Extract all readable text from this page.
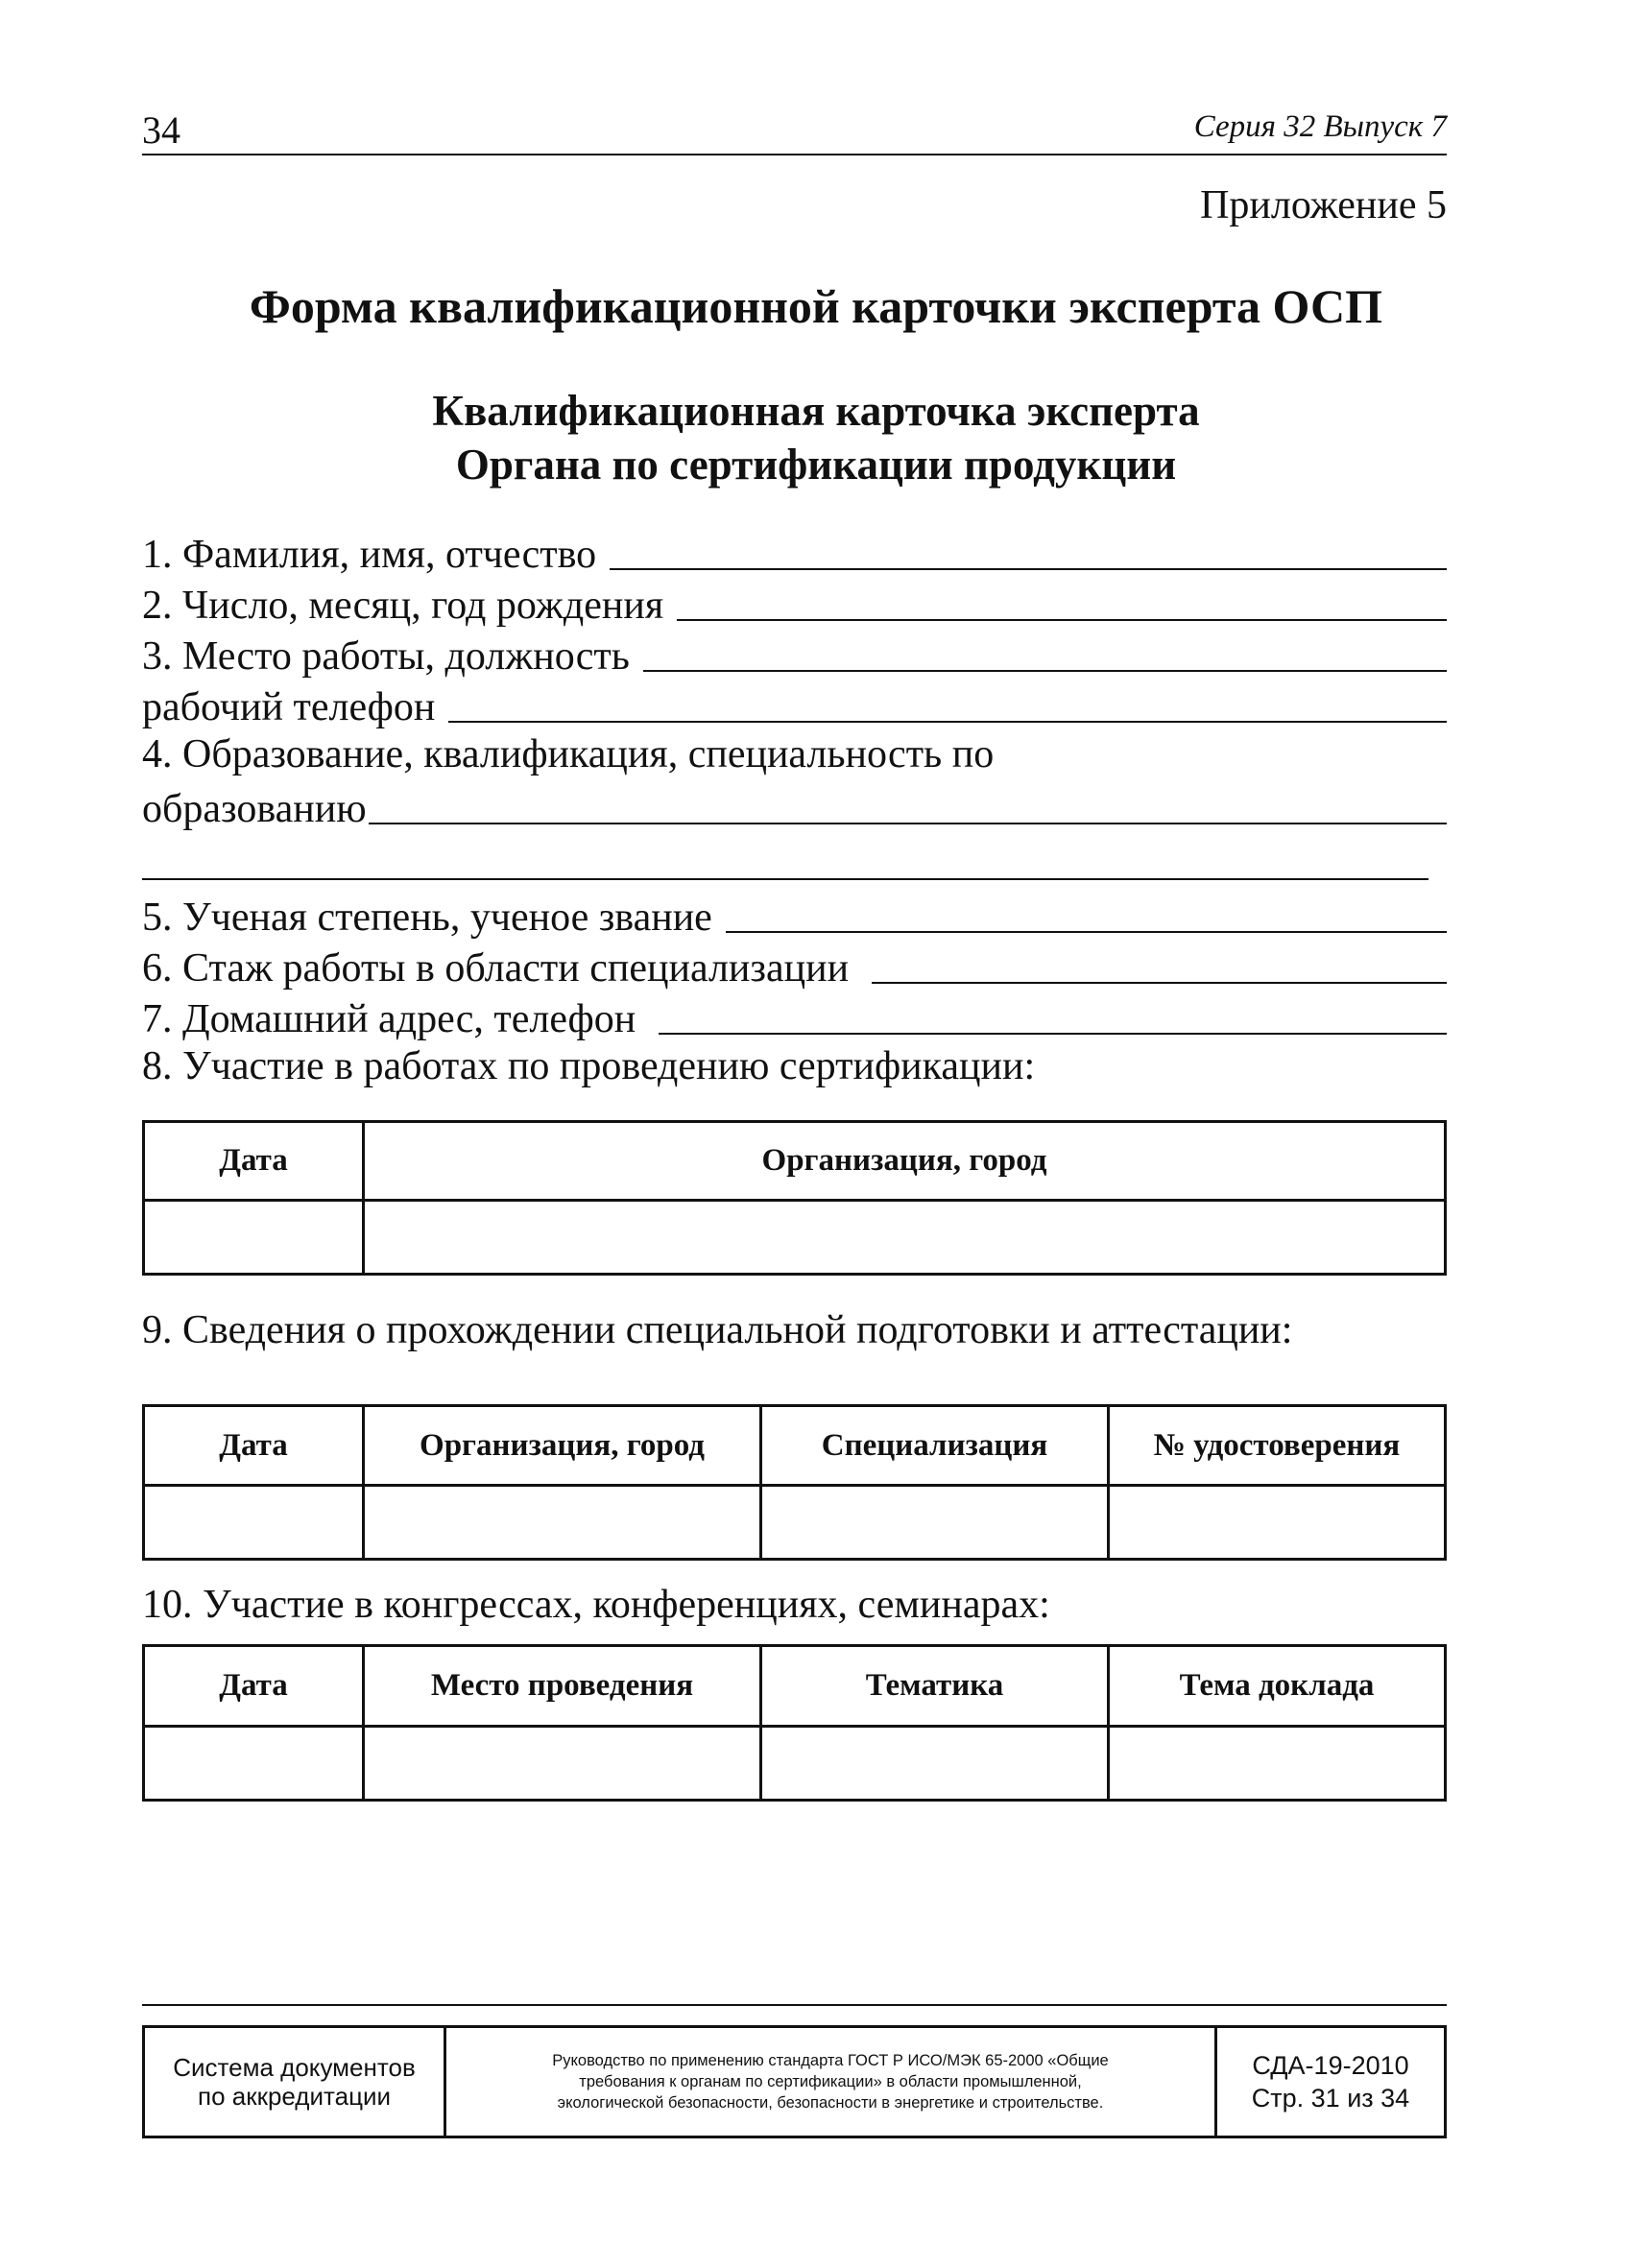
34	Серия 32 Выпуск 7
Приложение 5
Форма квалификационной карточки эксперта ОСП
Квалификационная карточка эксперта
Органа по сертификации продукции
1. Фамилия, имя, отчество
2. Число, месяц, год рождения
3. Место работы, должность
рабочий телефон
4. Образование, квалификация, специальность по
образованию
5. Ученая степень, ученое звание
6. Стаж работы в области специализации
7. Домашний адрес, телефон
8. Участие в работах по проведению сертификации:
Дата	Организация, город

9. Сведения о прохождении специальной подготовки и аттестации:
Дата	Организация, город	Специализация	№ удостоверения

10. Участие в конгрессах, конференциях, семинарах:
Дата	Место проведения	Тематика	Тема доклада

Система документов
по аккредитации

Руководство по применению стандарта ГОСТ Р ИСО/МЭК 65-2000 «Общие
требования к органам по сертификации» в области промышленной,
экологической безопасности, безопасности в энергетике и строительстве.

СДА-19-2010
Стр. 31 из 34
